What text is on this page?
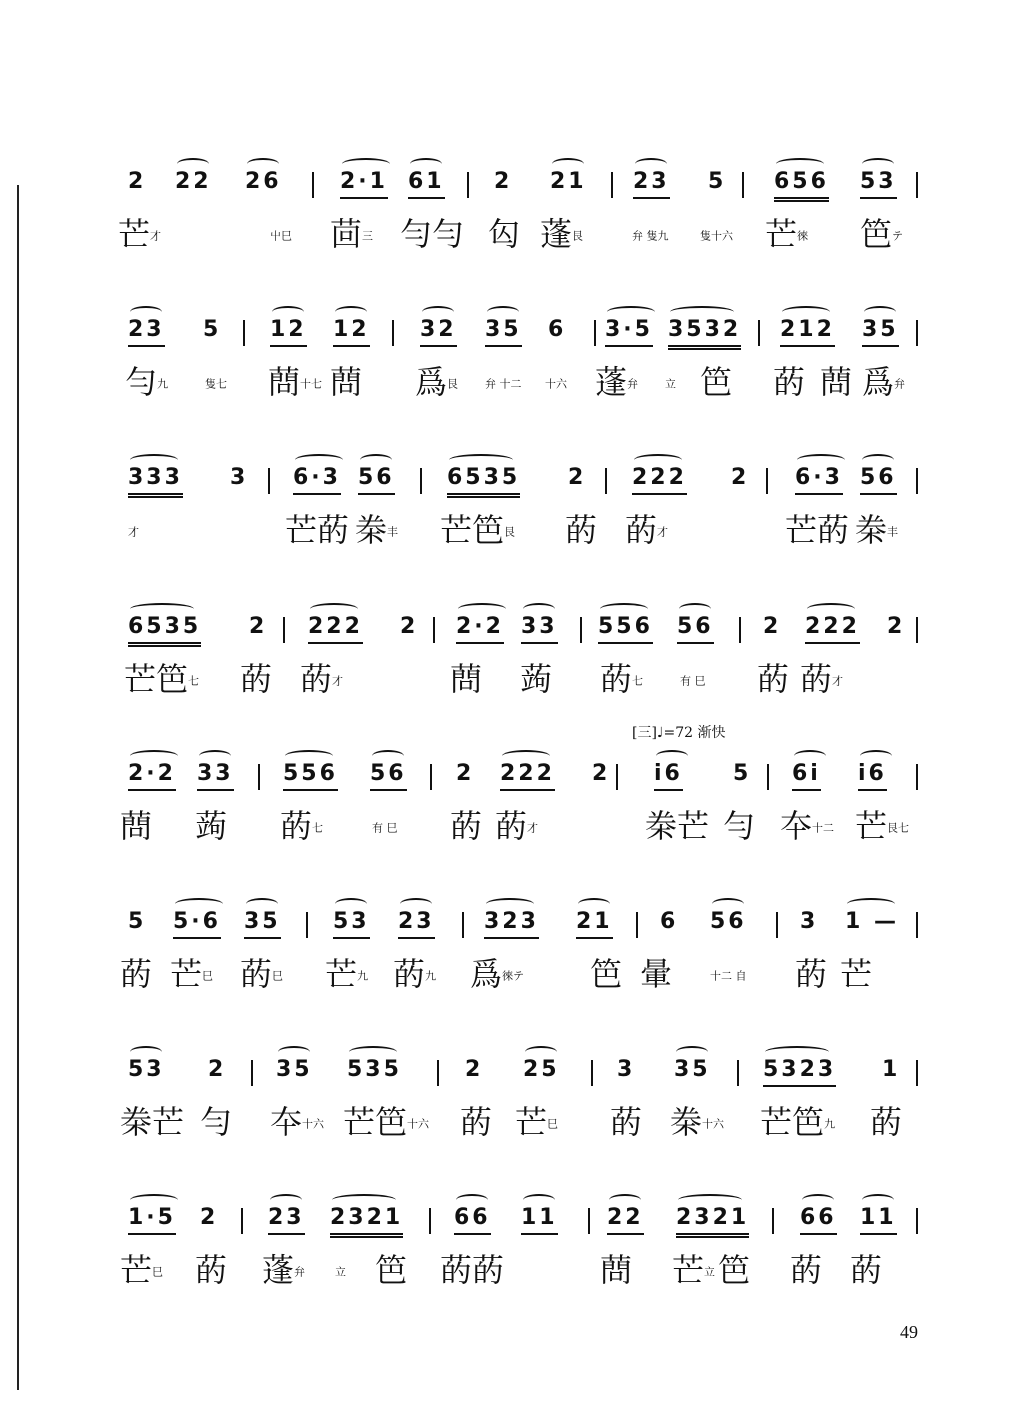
2 22 26	2·1 61 2 21 23 5 656 53
芒才	屮巳 茴三 勻勻 匃 蓬艮	弁 隻九	隻十六 芒徠 笆テ
23 5 12 12 32 35 6 3·5 3532 212 35
勻九	隻七 蔄十七 蔄 爲艮 弁 十二 十六 蓬弁 立 笆 菂 蔄 爲弁
333 3 6·3 56 6535 2 222 2 6·3 56
才	芒菂 桊丰 芒笆艮 菂 菂才	芒菂 桊丰
6535 2 222 2 2·2 33 556 56 2 222 2
芒笆七 菂 菂才	蔄 蒟 菂七	有 巳 菂 菂才
2·2 33 556 56 2 222 2 i6 5 6i i6
蔄 蒟 菂七	有 巳 菂 菂才	桊芒 勻 夲十二 芒艮七
5 5·6 35 53 23 323 21 6 56 3 1 —
菂 芒巳 菂巳 芒九 菂九 爲徠テ 笆 暈	十二 自 菂 芒
53 2 35 535	2 25	3 35 5323 1
桊芒 勻 夲十六 芒笆十六 菂 芒巳 菂 桊十六 芒笆九 菂
1·5 2 23 2321 66 11 22 2321 66 11
芒巳 菂 蓬弁	立 笆 菂菂	蔄 芒立 笆 菂 菂
[三]♩=72 渐快
49
